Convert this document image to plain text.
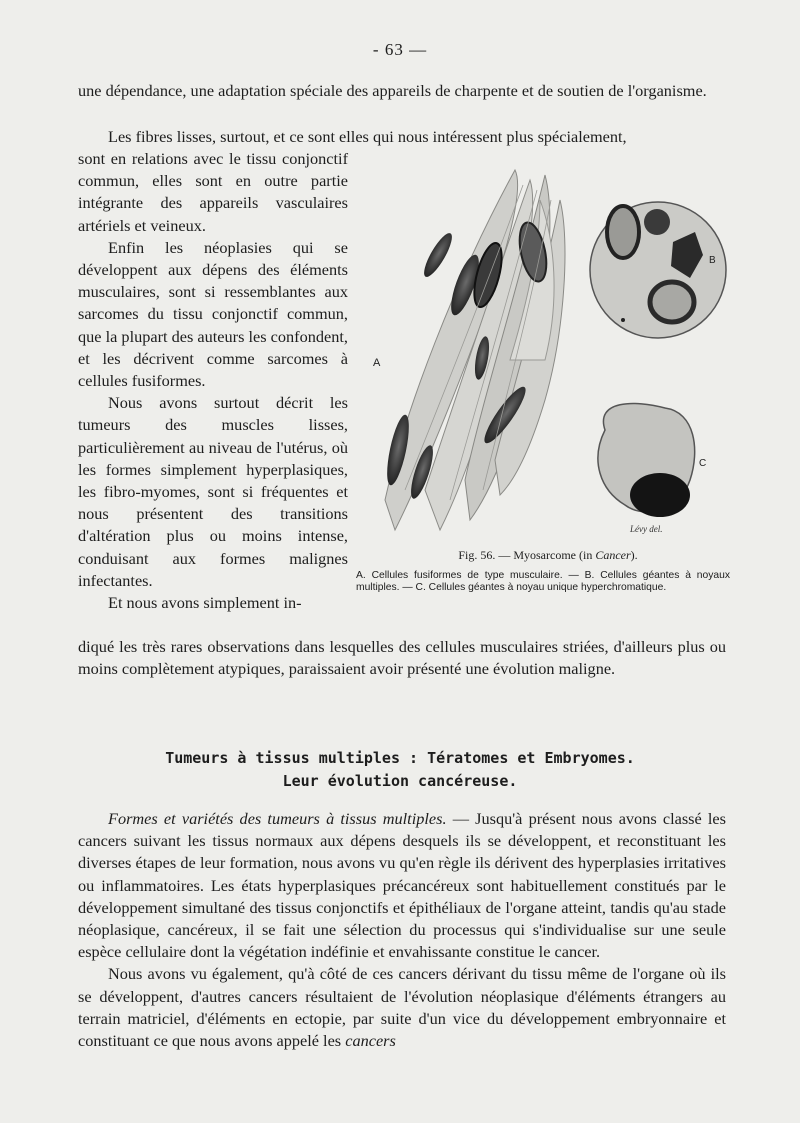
- 63 —

une dépendance, une adaptation spéciale des appareils de charpente et de soutien de l'organisme.

Les fibres lisses, surtout, et ce sont elles qui nous intéressent plus spécialement,

sont en relations avec le tissu conjonctif commun, elles sont en outre partie intégrante des appareils vasculaires artériels et veineux.

Enfin les néoplasies qui se développent aux dépens des éléments musculaires, sont si ressemblantes aux sarcomes du tissu conjonctif commun, que la plupart des auteurs les confondent, et les décrivent comme sarcomes à cellules fusiformes.

Nous avons surtout décrit les tumeurs des muscles lisses, particulièrement au niveau de l'utérus, où les formes simplement hyperplasiques, les fibro-myomes, sont si fréquentes et nous présentent des transitions d'altération plus ou moins intense, conduisant aux formes malignes infectantes.

Et nous avons simplement in-

diqué les très rares observations dans lesquelles des cellules musculaires striées, d'ailleurs plus ou moins complètement atypiques, paraissaient avoir présenté une évolution maligne.

A
B
C
Lévy del.
Fig. 56. — Myosarcome (in Cancer).
A. Cellules fusiformes de type musculaire. — B. Cellules géantes à noyaux multiples. — C. Cellules géantes à noyau unique hyperchromatique.
Tumeurs à tissus multiples : Tératomes et Embryomes.
Leur évolution cancéreuse.

Formes et variétés des tumeurs à tissus multiples. — Jusqu'à présent nous avons classé les cancers suivant les tissus normaux aux dépens desquels ils se développent, et reconstituant les diverses étapes de leur formation, nous avons vu qu'en règle ils dérivent des hyperplasies irritatives ou inflammatoires. Les états hyperplasiques précancéreux sont habituellement constitués par le développement simultané des tissus conjonctifs et épithéliaux de l'organe atteint, tandis qu'au stade néoplasique, cancéreux, il se fait une sélection du processus qui s'individualise sur une seule espèce cellulaire dont la végétation indéfinie et envahissante constitue le cancer.

Nous avons vu également, qu'à côté de ces cancers dérivant du tissu même de l'organe où ils se développent, d'autres cancers résultaient de l'évolution néoplasique d'éléments étrangers au terrain matriciel, d'éléments en ectopie, par suite d'un vice du développement embryonnaire et constituant ce que nous avons appelé les cancers
